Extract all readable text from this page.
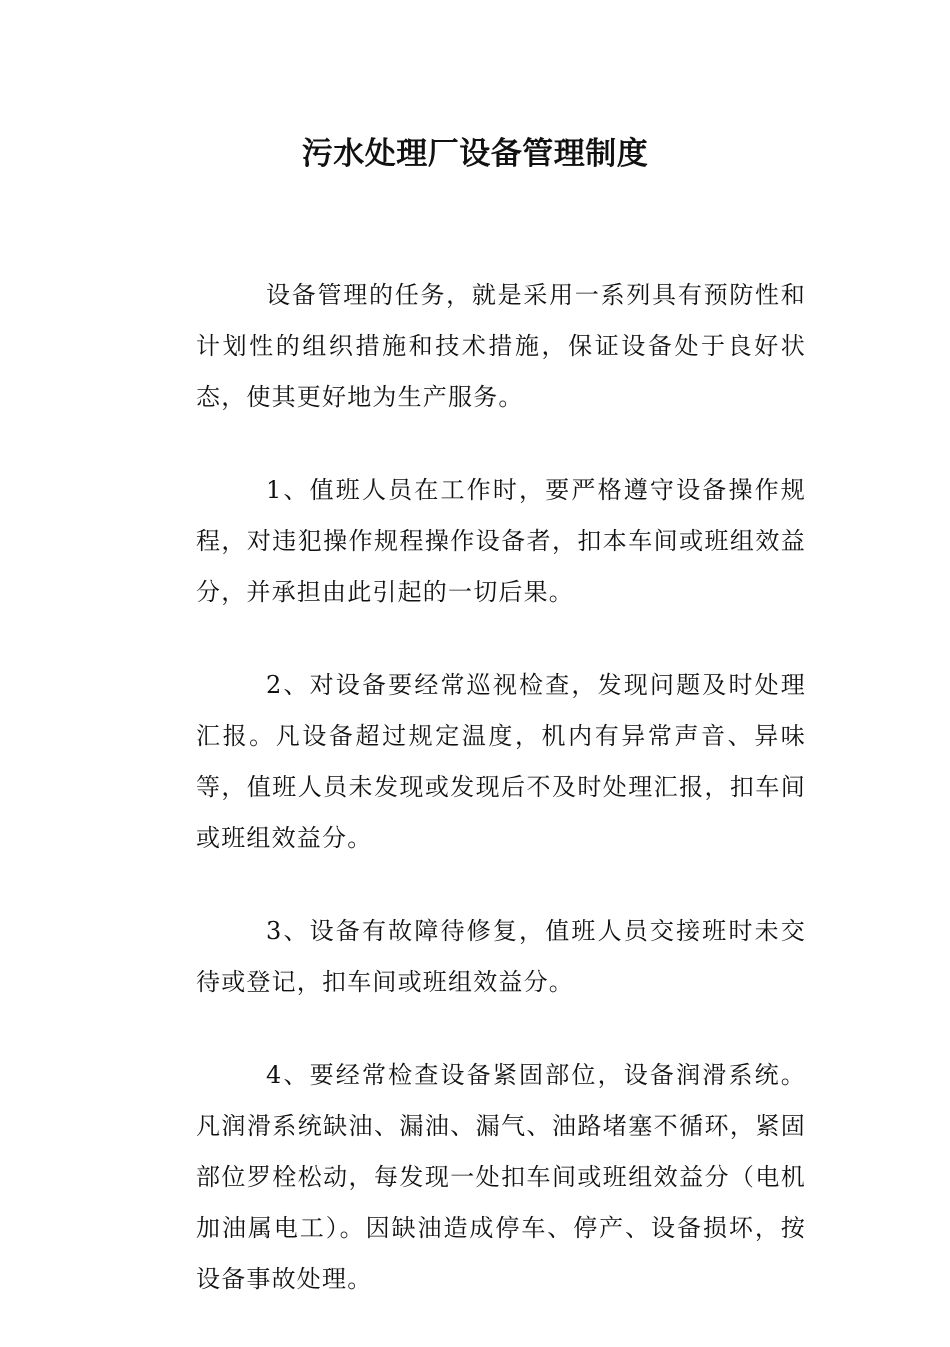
污水处理厂设备管理制度

设备管理的任务，就是采用一系列具有预防性和计划性的组织措施和技术措施，保证设备处于良好状态，使其更好地为生产服务。

1、值班人员在工作时，要严格遵守设备操作规程，对违犯操作规程操作设备者，扣本车间或班组效益分，并承担由此引起的一切后果。

2、对设备要经常巡视检查，发现问题及时处理汇报。凡设备超过规定温度，机内有异常声音、异味等，值班人员未发现或发现后不及时处理汇报，扣车间或班组效益分。

3、设备有故障待修复，值班人员交接班时未交待或登记，扣车间或班组效益分。

4、要经常检查设备紧固部位，设备润滑系统。凡润滑系统缺油、漏油、漏气、油路堵塞不循环，紧固部位罗栓松动，每发现一处扣车间或班组效益分（电机加油属电工）。因缺油造成停车、停产、设备损坏，按设备事故处理。
